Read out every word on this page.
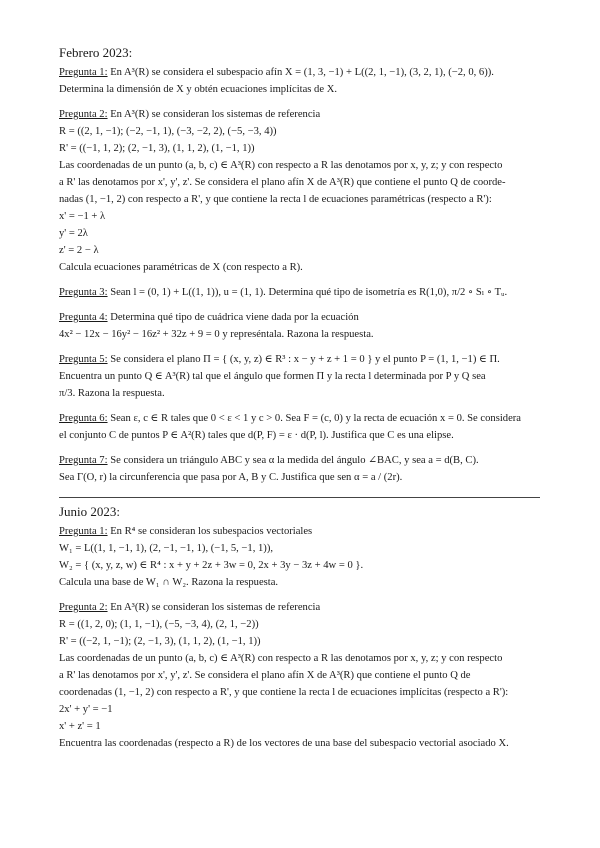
Febrero 2023:
Pregunta 1: En A³(R) se considera el subespacio afín X = (1, 3, −1) + L((2, 1, −1), (3, 2, 1), (−2, 0, 6)).
Determina la dimensión de X y obtén ecuaciones implícitas de X.
Pregunta 2: En A³(R) se consideran los sistemas de referencia
R = ((2, 1, −1); (−2, −1, 1), (−3, −2, 2), (−5, −3, 4))
R' = ((−1, 1, 2); (2, −1, 3), (1, 1, 2), (1, −1, 1))
Las coordenadas de un punto (a, b, c) ∈ A³(R) con respecto a R las denotamos por x, y, z; y con respecto
a R' las denotamos por x', y', z'. Se considera el plano afín X de A³(R) que contiene el punto Q de coorde-
nadas (1, −1, 2) con respecto a R', y que contiene la recta l de ecuaciones paramétricas (respecto a R'):
x' = −1 + λ
y' = 2λ
z' = 2 − λ
Calcula ecuaciones paramétricas de X (con respecto a R).
Pregunta 3: Sean l = (0, 1) + L((1, 1)), u = (1, 1). Determina qué tipo de isometría es R(1,0), π/2 ∘ Sₗ ∘ Tᵤ.
Pregunta 4: Determina qué tipo de cuádrica viene dada por la ecuación
4x² − 12x − 16y² − 16z² + 32z + 9 = 0 y represéntala. Razona la respuesta.
Pregunta 5: Se considera el plano Π = { (x, y, z) ∈ R³ : x − y + z + 1 = 0 } y el punto P = (1, 1, −1) ∈ Π.
Encuentra un punto Q ∈ A³(R) tal que el ángulo que formen Π y la recta l determinada por P y Q sea
π/3. Razona la respuesta.
Pregunta 6: Sean ε, c ∈ R tales que 0 < ε < 1 y c > 0. Sea F = (c, 0) y la recta de ecuación x = 0. Se considera
el conjunto C de puntos P ∈ A²(R) tales que d(P, F) = ε · d(P, l). Justifica que C es una elipse.
Pregunta 7: Se considera un triángulo ABC y sea α la medida del ángulo ∠BAC, y sea a = d(B, C).
Sea Γ(O, r) la circunferencia que pasa por A, B y C. Justifica que sen α = a / (2r).
Junio 2023:
Pregunta 1: En R⁴ se consideran los subespacios vectoriales
W₁ = L((1, 1, −1, 1), (2, −1, −1, 1), (−1, 5, −1, 1)),
W₂ = { (x, y, z, w) ∈ R⁴ : x + y + 2z + 3w = 0, 2x + 3y − 3z + 4w = 0 }.
Calcula una base de W₁ ∩ W₂. Razona la respuesta.
Pregunta 2: En A³(R) se consideran los sistemas de referencia
R = ((1, 2, 0); (1, 1, −1), (−5, −3, 4), (2, 1, −2))
R' = ((−2, 1, −1); (2, −1, 3), (1, 1, 2), (1, −1, 1))
Las coordenadas de un punto (a, b, c) ∈ A³(R) con respecto a R las denotamos por x, y, z; y con respecto
a R' las denotamos por x', y', z'. Se considera el plano afín X de A³(R) que contiene el punto Q de
coordenadas (1, −1, 2) con respecto a R', y que contiene la recta l de ecuaciones implícitas (respecto a R'):
2x' + y' = −1
x' + z' = 1
Encuentra las coordenadas (respecto a R) de los vectores de una base del subespacio vectorial asociado X.
